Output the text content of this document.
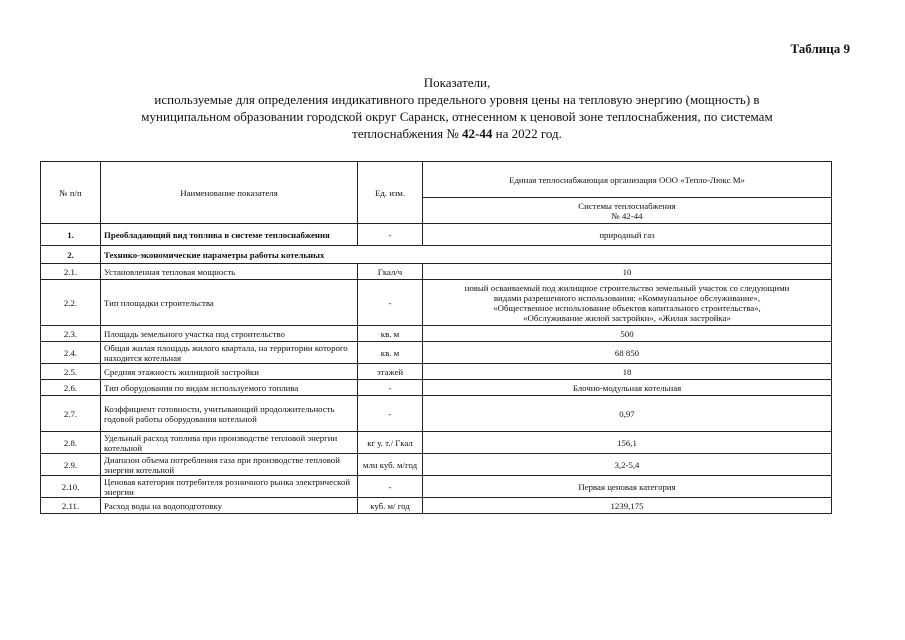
Таблица 9
Показатели,
используемые для определения индикативного предельного уровня цены на тепловую энергию (мощность) в
муниципальном образовании городской округ Саранск, отнесенном к ценовой зоне теплоснабжения, по системам
теплоснабжения № 42-44 на 2022 год.
№ п/п	Наименование показателя	Ед. изм.	Единая теплоснабжающая организация ООО «Тепло-Люкс М»

			Системы теплоснабжения
№ 42-44

1.	Преобладающий вид топлива в системе теплоснабжения	-	природный газ
2.	Технико-экономические параметры работы котельных		
2.1.	Установленная тепловая мощность	Гкал/ч	10
2.2.	Тип площадки строительства	-	новый осваиваемый под жилищное строительство земельный участок со следующими
видами разрешенного использования: «Коммунальное обслуживание»,
«Общественное использование объектов капитального строительства»,
«Обслуживание жилой застройки», «Жилая застройка»

2.3.	Площадь земельного участка под строительство	кв. м	500
2.4.	Общая жилая площадь жилого квартала, на территории которого находится котельная	кв. м	68 850
2.5.	Средняя этажность жилищной застройки	этажей	18
2.6.	Тип оборудования по видам используемого топлива	-	Блочно-модульная котельная
2.7.	Коэффициент готовности, учитывающий продолжительность годовой работы оборудования котельной	-	0,97
2.8.	Удельный расход топлива при производстве тепловой энергии котельной	кг у. т./ Гкал	156,1
2.9.	Диапазон объема потребления газа при производстве тепловой энергии котельной	млн куб. м/год	3,2-5,4
2.10.	Ценовая категория потребителя розничного рынка электрической энергии	-	Первая ценовая категория
2.11.	Расход воды на водоподготовку	куб. м/ год	1239,175
